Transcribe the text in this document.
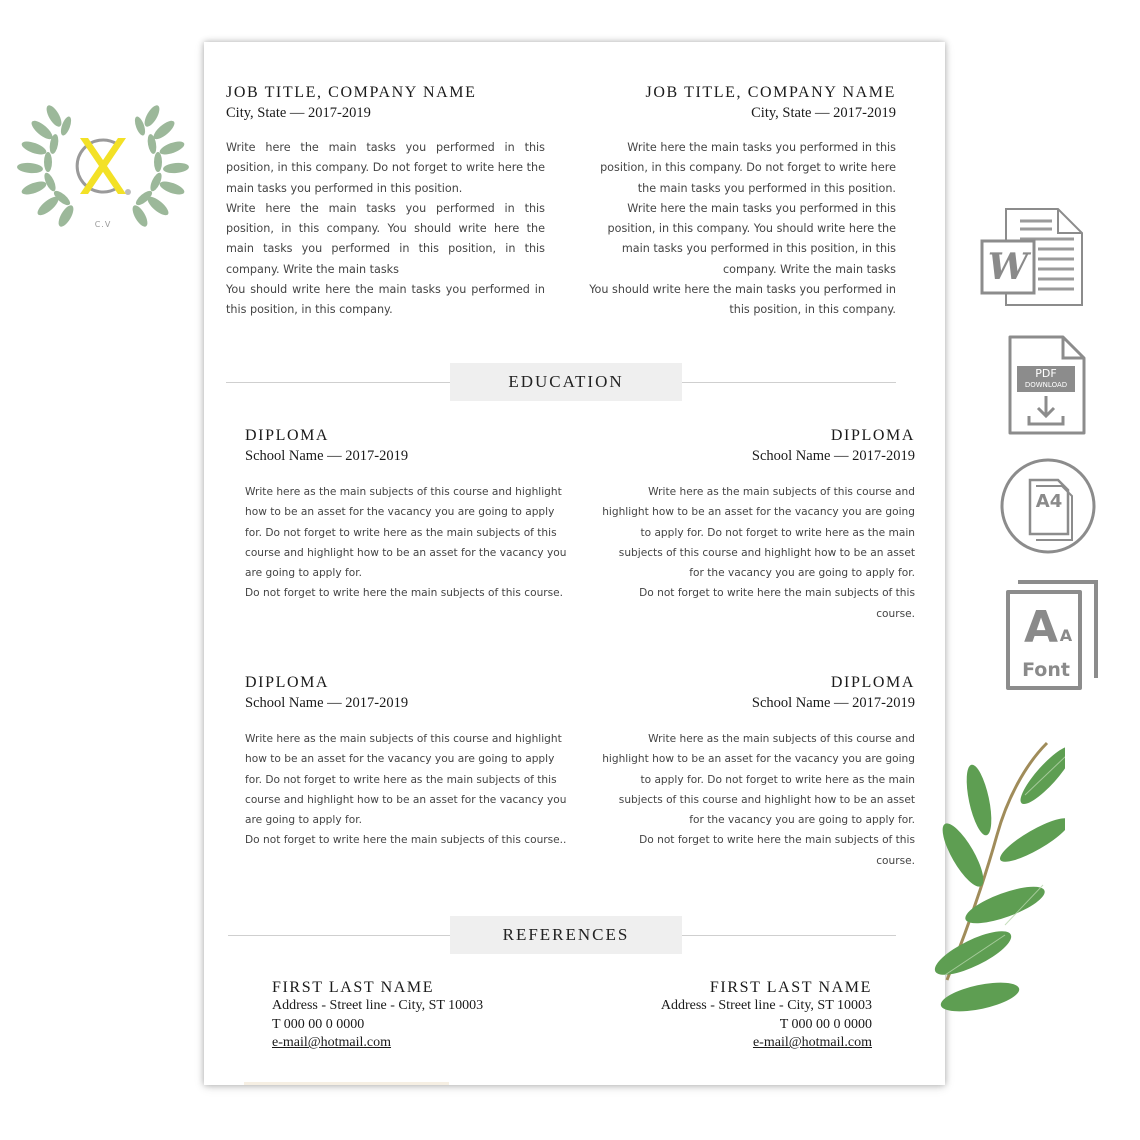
C.V
JOB TITLE, COMPANY NAME
City, State — 2017-2019

Write here the main tasks you performed in this position, in this company. Do not forget to write here the main tasks you performed in this position.

Write here the main tasks you performed in this position, in this company. You should write here the main tasks you performed in this position, in this company. Write the main tasks

You should write here the main tasks you performed in this position, in this company.

JOB TITLE, COMPANY NAME
City, State — 2017-2019

Write here the main tasks you performed in this position, in this company. Do not forget to write here the main tasks you performed in this position.

Write here the main tasks you performed in this position, in this company. You should write here the main tasks you performed in this position, in this company. Write the main tasks

You should write here the main tasks you performed in this position, in this company.

EDUCATION
DIPLOMA
School Name — 2017-2019

Write here as the main subjects of this course and highlight how to be an asset for the vacancy you are going to apply for. Do not forget to write here as the main subjects of this course and highlight how to be an asset for the vacancy you are going to apply for.

Do not forget to write here the main subjects of this course.

DIPLOMA
School Name — 2017-2019

Write here as the main subjects of this course and highlight how to be an asset for the vacancy you are going to apply for. Do not forget to write here as the main subjects of this course and highlight how to be an asset for the vacancy you are going to apply for.

Do not forget to write here the main subjects of this course.

DIPLOMA
School Name — 2017-2019

Write here as the main subjects of this course and highlight how to be an asset for the vacancy you are going to apply for. Do not forget to write here as the main subjects of this course and highlight how to be an asset for the vacancy you are going to apply for.

Do not forget to write here the main subjects of this course..

DIPLOMA
School Name — 2017-2019

Write here as the main subjects of this course and highlight how to be an asset for the vacancy you are going to apply for. Do not forget to write here as the main subjects of this course and highlight how to be an asset for the vacancy you are going to apply for.

Do not forget to write here the main subjects of this course.

REFERENCES
FIRST LAST NAME
Address - Street line - City, ST 10003
T 000 00 0 0000
e-mail@hotmail.com
FIRST LAST NAME
Address - Street line - City, ST 10003
T 000 00 0 0000
e-mail@hotmail.com
W
PDF
DOWNLOAD
A4
A A
Font
